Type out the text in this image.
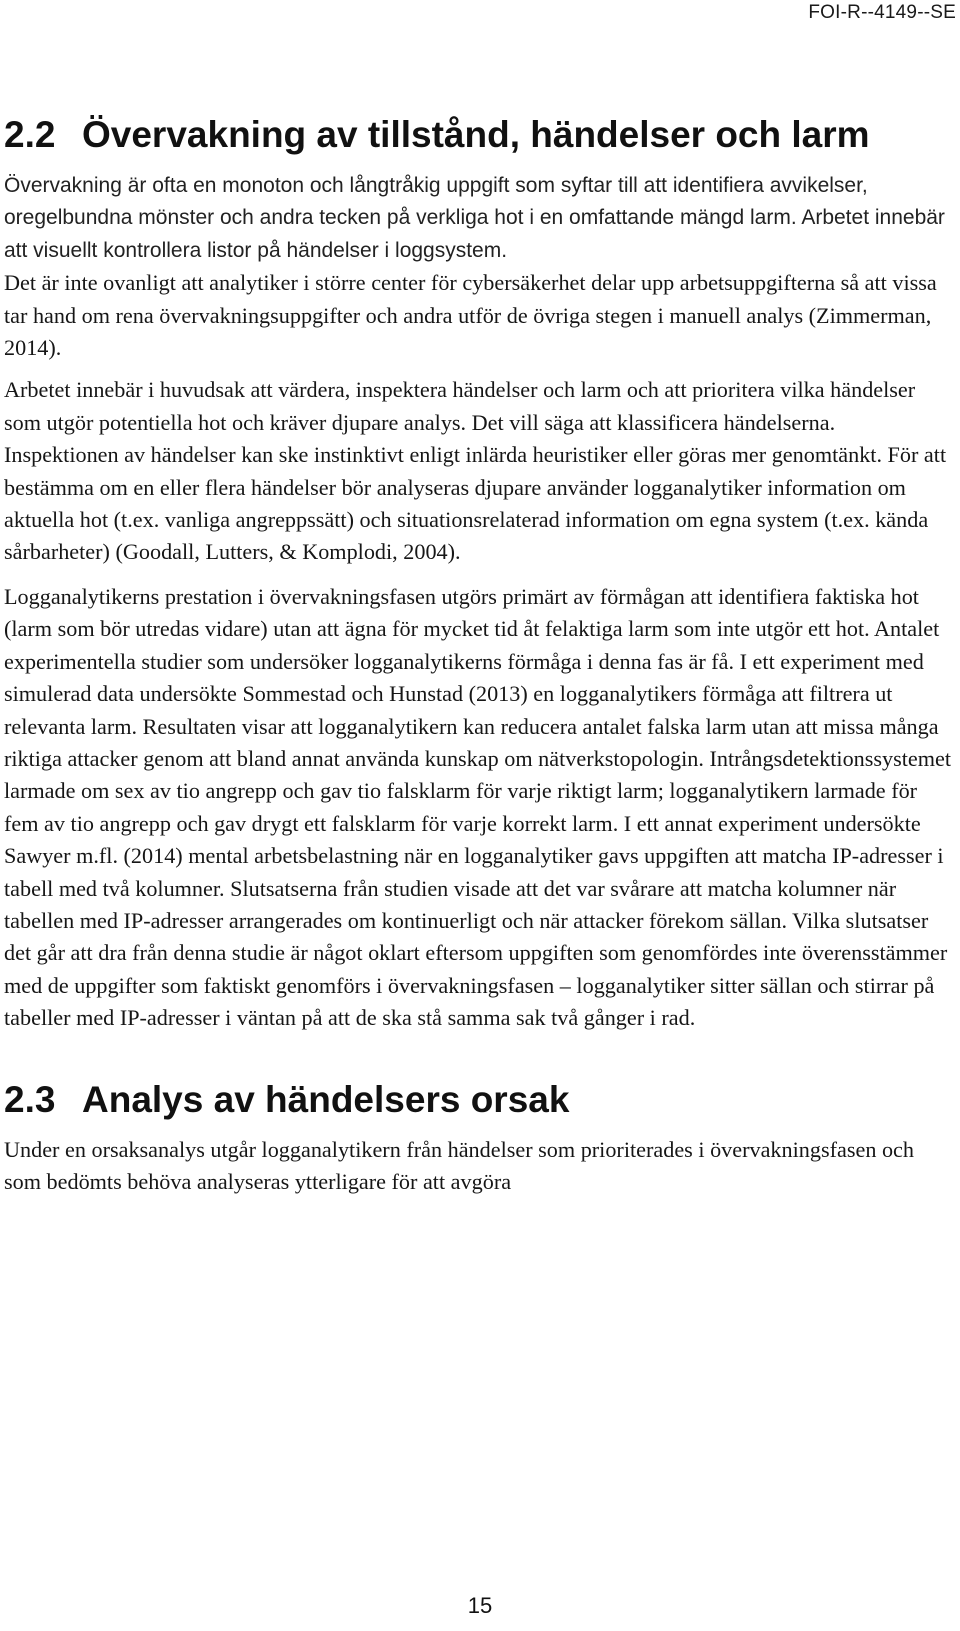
FOI-R--4149--SE
2.2 Övervakning av tillstånd, händelser och larm

Övervakning är ofta en monoton och långtråkig uppgift som syftar till att identifiera avvikelser, oregelbundna mönster och andra tecken på verkliga hot i en omfattande mängd larm. Arbetet innebär att visuellt kontrollera listor på händelser i loggsystem.

Det är inte ovanligt att analytiker i större center för cybersäkerhet delar upp arbetsuppgifterna så att vissa tar hand om rena övervakningsuppgifter och andra utför de övriga stegen i manuell analys (Zimmerman, 2014).

Arbetet innebär i huvudsak att värdera, inspektera händelser och larm och att prioritera vilka händelser som utgör potentiella hot och kräver djupare analys. Det vill säga att klassificera händelserna. Inspektionen av händelser kan ske instinktivt enligt inlärda heuristiker eller göras mer genomtänkt. För att bestämma om en eller flera händelser bör analyseras djupare använder logganalytiker information om aktuella hot (t.ex. vanliga angreppssätt) och situationsrelaterad information om egna system (t.ex. kända sårbarheter) (Goodall, Lutters, & Komplodi, 2004).

Logganalytikerns prestation i övervakningsfasen utgörs primärt av förmågan att identifiera faktiska hot (larm som bör utredas vidare) utan att ägna för mycket tid åt felaktiga larm som inte utgör ett hot. Antalet experimentella studier som undersöker logganalytikerns förmåga i denna fas är få. I ett experiment med simulerad data undersökte Sommestad och Hunstad (2013) en logganalytikers förmåga att filtrera ut relevanta larm. Resultaten visar att logganalytikern kan reducera antalet falska larm utan att missa många riktiga attacker genom att bland annat använda kunskap om nätverkstopologin. Intrångsdetektionssystemet larmade om sex av tio angrepp och gav tio falsklarm för varje riktigt larm; logganalytikern larmade för fem av tio angrepp och gav drygt ett falsklarm för varje korrekt larm. I ett annat experiment undersökte Sawyer m.fl. (2014) mental arbetsbelastning när en logganalytiker gavs uppgiften att matcha IP-adresser i tabell med två kolumner. Slutsatserna från studien visade att det var svårare att matcha kolumner när tabellen med IP-adresser arrangerades om kontinuerligt och när attacker förekom sällan. Vilka slutsatser det går att dra från denna studie är något oklart eftersom uppgiften som genomfördes inte överensstämmer med de uppgifter som faktiskt genomförs i övervakningsfasen – logganalytiker sitter sällan och stirrar på tabeller med IP-adresser i väntan på att de ska stå samma sak två gånger i rad.

2.3 Analys av händelsers orsak

Under en orsaksanalys utgår logganalytikern från händelser som prioriterades i övervakningsfasen och som bedömts behöva analyseras ytterligare för att avgöra

15
